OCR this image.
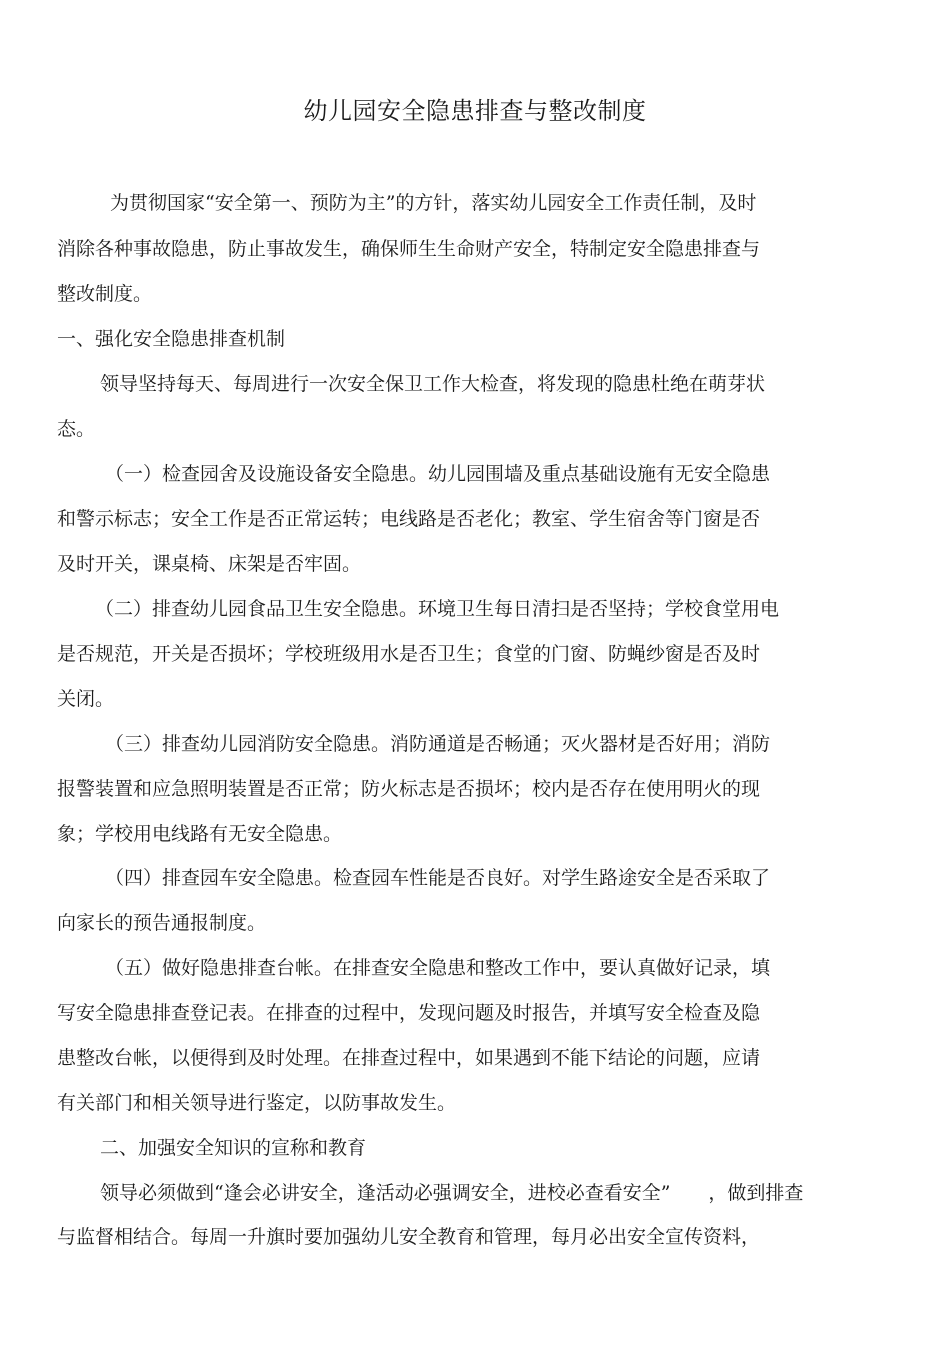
幼儿园安全隐患排查与整改制度
为贯彻国家“安全第一、预防为主”的方针，落实幼儿园安全工作责任制，及时
消除各种事故隐患，防止事故发生，确保师生生命财产安全，特制定安全隐患排查与
整改制度。
一、强化安全隐患排查机制
领导坚持每天、每周进行一次安全保卫工作大检查，将发现的隐患杜绝在萌芽状
态。
（一）检查园舍及设施设备安全隐患。幼儿园围墙及重点基础设施有无安全隐患
和警示标志；安全工作是否正常运转；电线路是否老化；教室、学生宿舍等门窗是否
及时开关，课桌椅、床架是否牢固。
（二）排查幼儿园食品卫生安全隐患。环境卫生每日清扫是否坚持；学校食堂用电
是否规范，开关是否损坏；学校班级用水是否卫生；食堂的门窗、防蝇纱窗是否及时
关闭。
（三）排查幼儿园消防安全隐患。消防通道是否畅通；灭火器材是否好用；消防
报警装置和应急照明装置是否正常；防火标志是否损坏；校内是否存在使用明火的现
象；学校用电线路有无安全隐患。
（四）排查园车安全隐患。检查园车性能是否良好。对学生路途安全是否采取了
向家长的预告通报制度。
（五）做好隐患排查台帐。在排查安全隐患和整改工作中，要认真做好记录，填
写安全隐患排查登记表。在排查的过程中，发现问题及时报告，并填写安全检查及隐
患整改台帐，以便得到及时处理。在排查过程中，如果遇到不能下结论的问题，应请
有关部门和相关领导进行鉴定，以防事故发生。
二、加强安全知识的宣称和教育
领导必须做到“逢会必讲安全，逢活动必强调安全，进校必查看安全”　　，做到排查
与监督相结合。每周一升旗时要加强幼儿安全教育和管理，每月必出安全宣传资料，
